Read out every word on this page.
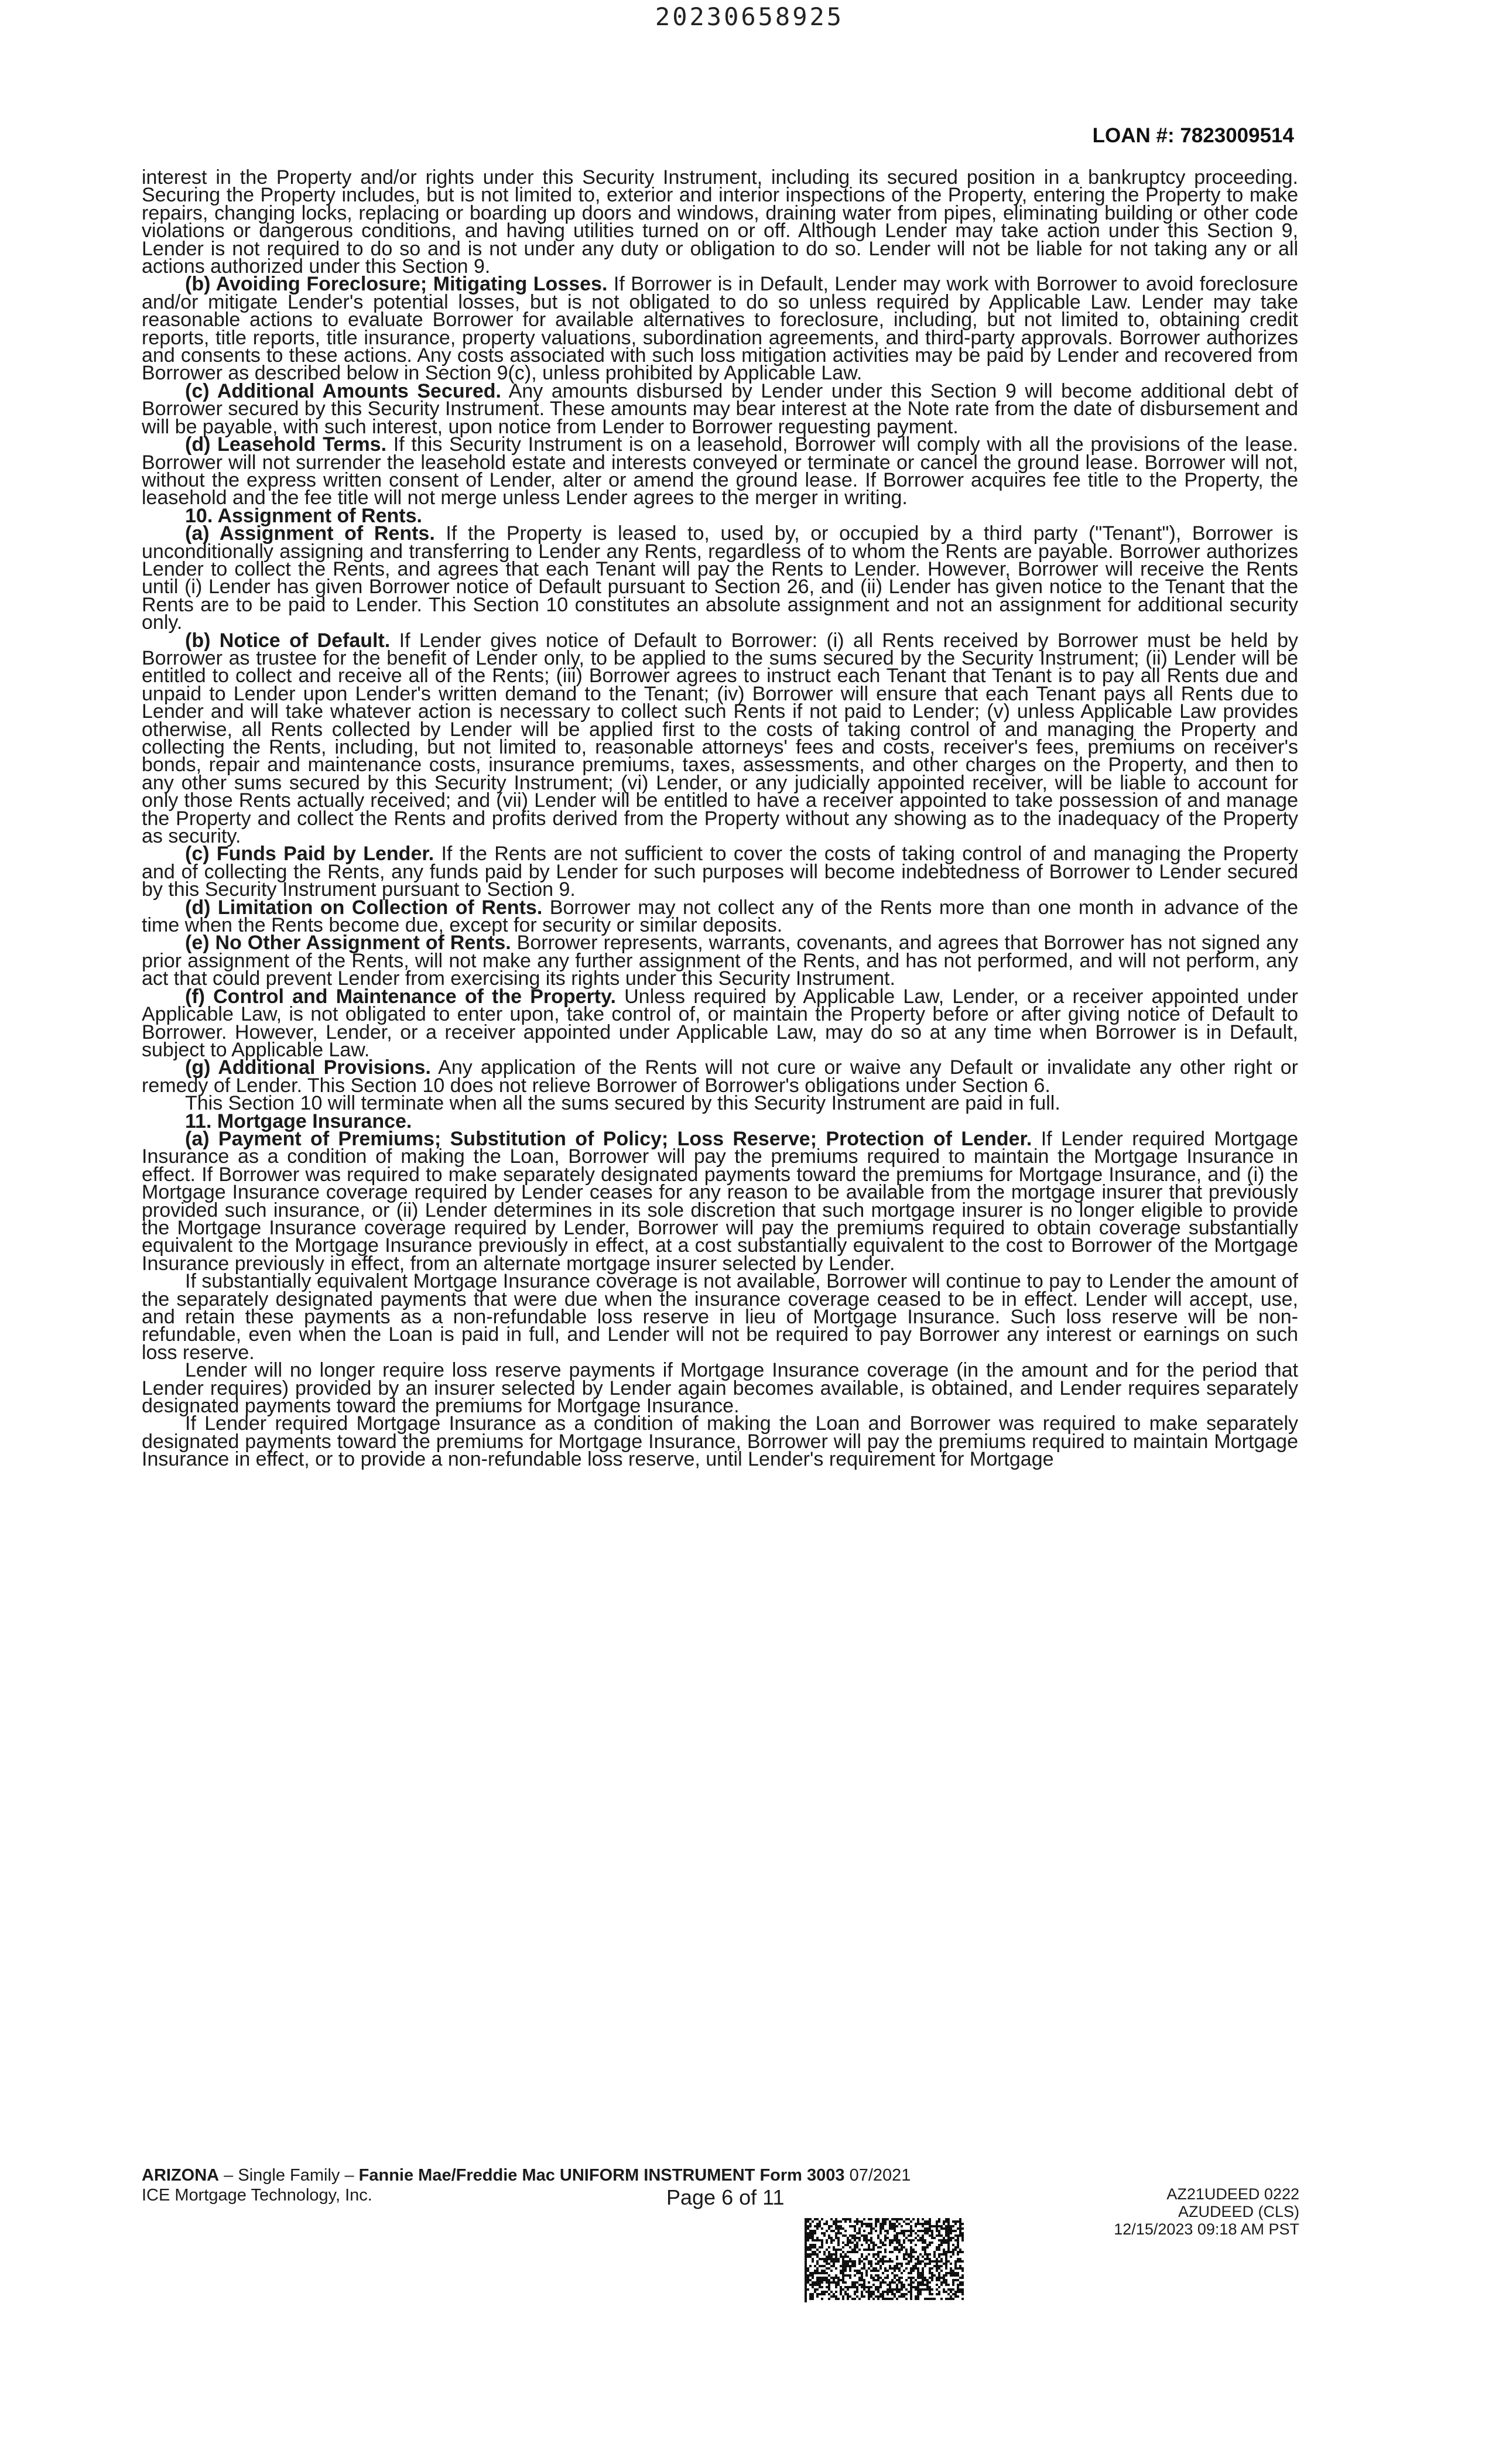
20230658925
LOAN #: 7823009514

interest in the Property and/or rights under this Security Instrument, including its secured position in a bankruptcy proceeding. Securing the Property includes, but is not limited to, exterior and interior inspections of the Property, entering the Property to make repairs, changing locks, replacing or boarding up doors and windows, draining water from pipes, eliminating building or other code violations or dangerous conditions, and having utilities turned on or off. Although Lender may take action under this Section 9, Lender is not required to do so and is not under any duty or obligation to do so. Lender will not be liable for not taking any or all actions authorized under this Section 9.

(b) Avoiding Foreclosure; Mitigating Losses. If Borrower is in Default, Lender may work with Borrower to avoid foreclosure and/or mitigate Lender's potential losses, but is not obligated to do so unless required by Applicable Law. Lender may take reasonable actions to evaluate Borrower for available alternatives to foreclosure, including, but not limited to, obtaining credit reports, title reports, title insurance, property valuations, subordination agreements, and third-party approvals. Borrower authorizes and consents to these actions. Any costs associated with such loss mitigation activities may be paid by Lender and recovered from Borrower as described below in Section 9(c), unless prohibited by Applicable Law.

(c) Additional Amounts Secured. Any amounts disbursed by Lender under this Section 9 will become additional debt of Borrower secured by this Security Instrument. These amounts may bear interest at the Note rate from the date of disbursement and will be payable, with such interest, upon notice from Lender to Borrower requesting payment.

(d) Leasehold Terms. If this Security Instrument is on a leasehold, Borrower will comply with all the provisions of the lease. Borrower will not surrender the leasehold estate and interests conveyed or terminate or cancel the ground lease. Borrower will not, without the express written consent of Lender, alter or amend the ground lease. If Borrower acquires fee title to the Property, the leasehold and the fee title will not merge unless Lender agrees to the merger in writing.

10. Assignment of Rents.

(a) Assignment of Rents. If the Property is leased to, used by, or occupied by a third party ("Tenant"), Borrower is unconditionally assigning and transferring to Lender any Rents, regardless of to whom the Rents are payable. Borrower authorizes Lender to collect the Rents, and agrees that each Tenant will pay the Rents to Lender. However, Borrower will receive the Rents until (i) Lender has given Borrower notice of Default pursuant to Section 26, and (ii) Lender has given notice to the Tenant that the Rents are to be paid to Lender. This Section 10 constitutes an absolute assignment and not an assignment for additional security only.

(b) Notice of Default. If Lender gives notice of Default to Borrower: (i) all Rents received by Borrower must be held by Borrower as trustee for the benefit of Lender only, to be applied to the sums secured by the Security Instrument; (ii) Lender will be entitled to collect and receive all of the Rents; (iii) Borrower agrees to instruct each Tenant that Tenant is to pay all Rents due and unpaid to Lender upon Lender's written demand to the Tenant; (iv) Borrower will ensure that each Tenant pays all Rents due to Lender and will take whatever action is necessary to collect such Rents if not paid to Lender; (v) unless Applicable Law provides otherwise, all Rents collected by Lender will be applied first to the costs of taking control of and managing the Property and collecting the Rents, including, but not limited to, reasonable attorneys' fees and costs, receiver's fees, premiums on receiver's bonds, repair and maintenance costs, insurance premiums, taxes, assessments, and other charges on the Property, and then to any other sums secured by this Security Instrument; (vi) Lender, or any judicially appointed receiver, will be liable to account for only those Rents actually received; and (vii) Lender will be entitled to have a receiver appointed to take possession of and manage the Property and collect the Rents and profits derived from the Property without any showing as to the inadequacy of the Property as security.

(c) Funds Paid by Lender. If the Rents are not sufficient to cover the costs of taking control of and managing the Property and of collecting the Rents, any funds paid by Lender for such purposes will become indebtedness of Borrower to Lender secured by this Security Instrument pursuant to Section 9.

(d) Limitation on Collection of Rents. Borrower may not collect any of the Rents more than one month in advance of the time when the Rents become due, except for security or similar deposits.

(e) No Other Assignment of Rents. Borrower represents, warrants, covenants, and agrees that Borrower has not signed any prior assignment of the Rents, will not make any further assignment of the Rents, and has not performed, and will not perform, any act that could prevent Lender from exercising its rights under this Security Instrument.

(f) Control and Maintenance of the Property. Unless required by Applicable Law, Lender, or a receiver appointed under Applicable Law, is not obligated to enter upon, take control of, or maintain the Property before or after giving notice of Default to Borrower. However, Lender, or a receiver appointed under Applicable Law, may do so at any time when Borrower is in Default, subject to Applicable Law.

(g) Additional Provisions. Any application of the Rents will not cure or waive any Default or invalidate any other right or remedy of Lender. This Section 10 does not relieve Borrower of Borrower's obligations under Section 6.

This Section 10 will terminate when all the sums secured by this Security Instrument are paid in full.

11. Mortgage Insurance.

(a) Payment of Premiums; Substitution of Policy; Loss Reserve; Protection of Lender. If Lender required Mortgage Insurance as a condition of making the Loan, Borrower will pay the premiums required to maintain the Mortgage Insurance in effect. If Borrower was required to make separately designated payments toward the premiums for Mortgage Insurance, and (i) the Mortgage Insurance coverage required by Lender ceases for any reason to be available from the mortgage insurer that previously provided such insurance, or (ii) Lender determines in its sole discretion that such mortgage insurer is no longer eligible to provide the Mortgage Insurance coverage required by Lender, Borrower will pay the premiums required to obtain coverage substantially equivalent to the Mortgage Insurance previously in effect, at a cost substantially equivalent to the cost to Borrower of the Mortgage Insurance previously in effect, from an alternate mortgage insurer selected by Lender.

If substantially equivalent Mortgage Insurance coverage is not available, Borrower will continue to pay to Lender the amount of the separately designated payments that were due when the insurance coverage ceased to be in effect. Lender will accept, use, and retain these payments as a non-refundable loss reserve in lieu of Mortgage Insurance. Such loss reserve will be non-refundable, even when the Loan is paid in full, and Lender will not be required to pay Borrower any interest or earnings on such loss reserve.

Lender will no longer require loss reserve payments if Mortgage Insurance coverage (in the amount and for the period that Lender requires) provided by an insurer selected by Lender again becomes available, is obtained, and Lender requires separately designated payments toward the premiums for Mortgage Insurance.

If Lender required Mortgage Insurance as a condition of making the Loan and Borrower was required to make separately designated payments toward the premiums for Mortgage Insurance, Borrower will pay the premiums required to maintain Mortgage Insurance in effect, or to provide a non-refundable loss reserve, until Lender's requirement for Mortgage

ARIZONA – Single Family – Fannie Mae/Freddie Mac UNIFORM INSTRUMENT Form 3003 07/2021
ICE Mortgage Technology, Inc.	Page 6 of 11	AZ21UDEED 0222
AZUDEED (CLS)
12/15/2023 09:18 AM PST
